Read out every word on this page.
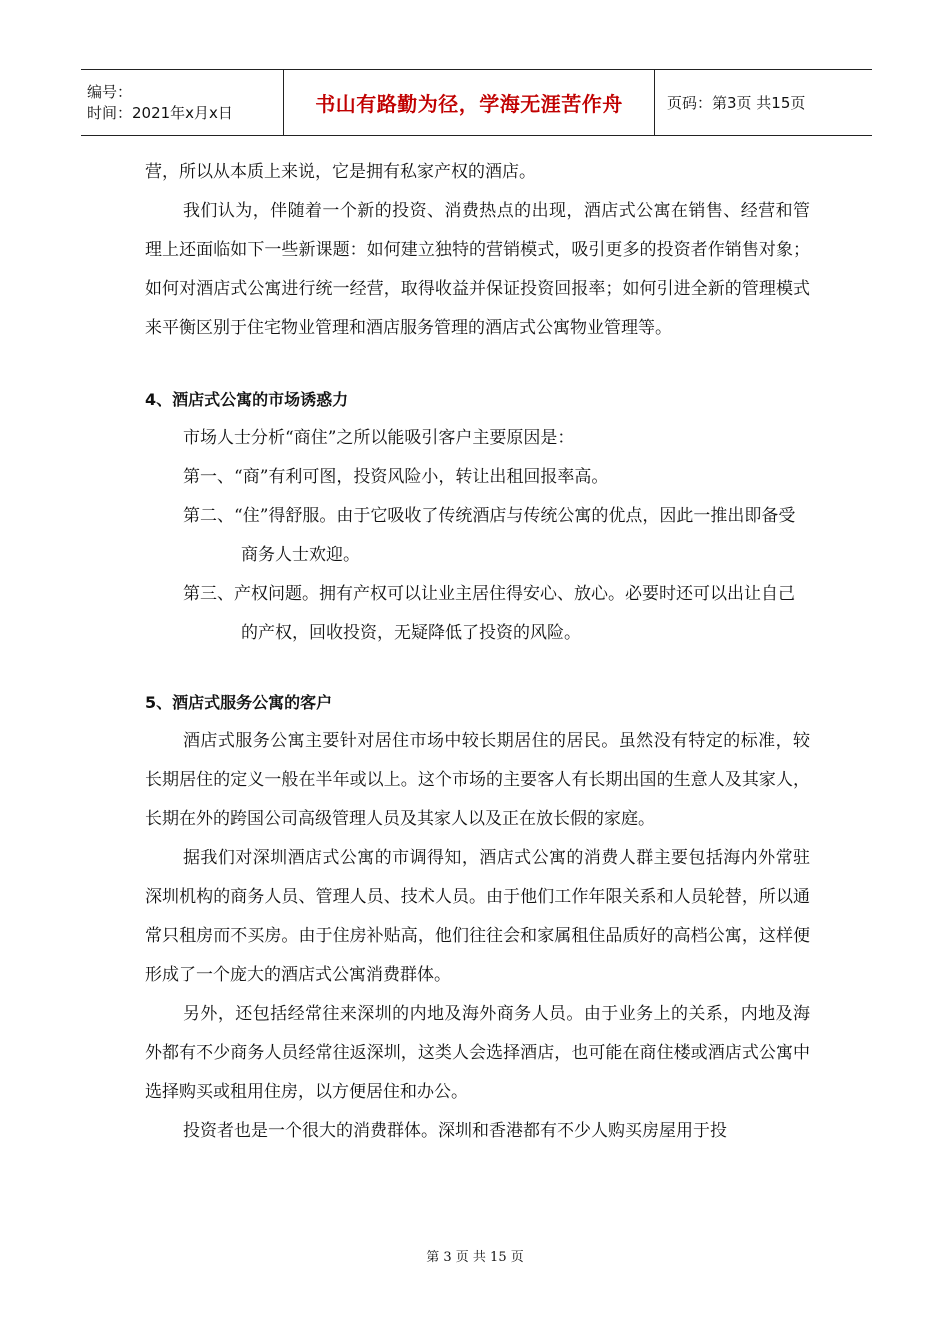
编号：
时间：2021年x月x日	书山有路勤为径，学海无涯苦作舟	页码：第3页 共15页

营，所以从本质上来说，它是拥有私家产权的酒店。

我们认为，伴随着一个新的投资、消费热点的出现，酒店式公寓在销售、经营和管理上还面临如下一些新课题：如何建立独特的营销模式，吸引更多的投资者作销售对象；如何对酒店式公寓进行统一经营，取得收益并保证投资回报率；如何引进全新的管理模式来平衡区别于住宅物业管理和酒店服务管理的酒店式公寓物业管理等。

4、酒店式公寓的市场诱惑力

市场人士分析“商住”之所以能吸引客户主要原因是：

第一、“商”有利可图，投资风险小，转让出租回报率高。

第二、“住”得舒服。由于它吸收了传统酒店与传统公寓的优点，因此一推出即备受商务人士欢迎。

第三、产权问题。拥有产权可以让业主居住得安心、放心。必要时还可以出让自己的产权，回收投资，无疑降低了投资的风险。

5、酒店式服务公寓的客户

酒店式服务公寓主要针对居住市场中较长期居住的居民。虽然没有特定的标准，较长期居住的定义一般在半年或以上。这个市场的主要客人有长期出国的生意人及其家人，长期在外的跨国公司高级管理人员及其家人以及正在放长假的家庭。

据我们对深圳酒店式公寓的市调得知，酒店式公寓的消费人群主要包括海内外常驻深圳机构的商务人员、管理人员、技术人员。由于他们工作年限关系和人员轮替，所以通常只租房而不买房。由于住房补贴高，他们往往会和家属租住品质好的高档公寓，这样便形成了一个庞大的酒店式公寓消费群体。

另外，还包括经常往来深圳的内地及海外商务人员。由于业务上的关系，内地及海外都有不少商务人员经常往返深圳，这类人会选择酒店，也可能在商住楼或酒店式公寓中选择购买或租用住房，以方便居住和办公。

投资者也是一个很大的消费群体。深圳和香港都有不少人购买房屋用于投

第 3 页 共 15 页
